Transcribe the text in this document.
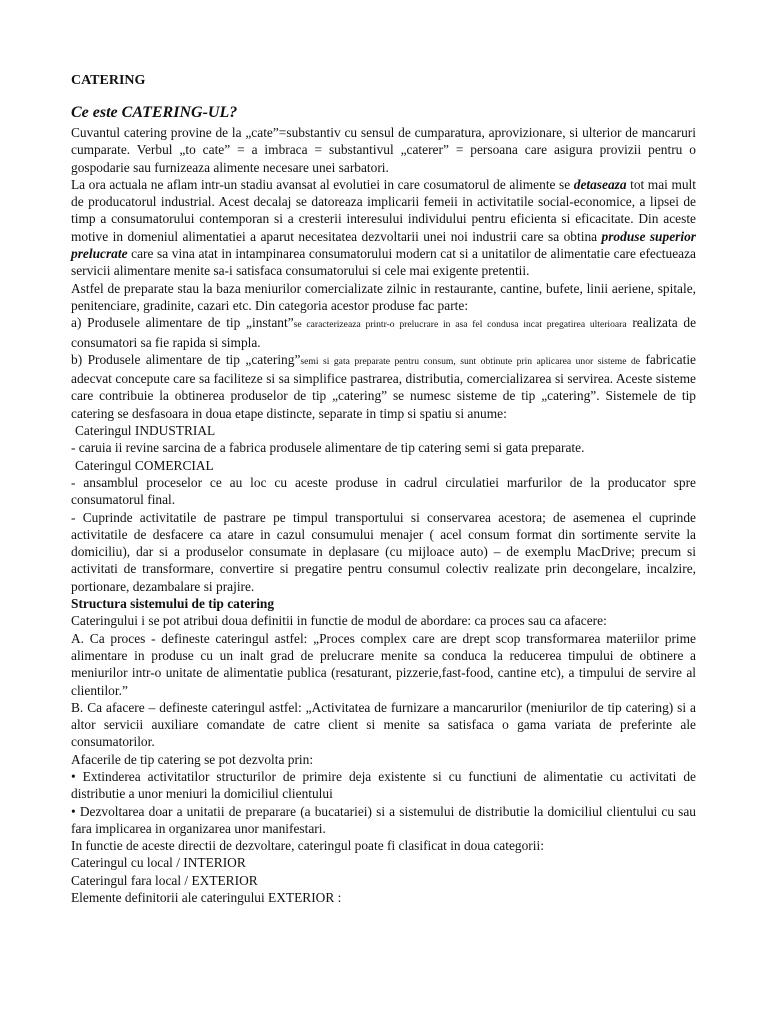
CATERING
Ce este CATERING-UL?

Cuvantul catering provine de la „cate”=substantiv cu sensul de cumparatura, aprovizionare, si ulterior de mancaruri cumparate. Verbul „to cate” = a imbraca = substantivul „caterer” = persoana care asigura provizii pentru o gospodarie sau furnizeaza alimente necesare unei sarbatori.

La ora actuala ne aflam intr-un stadiu avansat al evolutiei in care cosumatorul de alimente se detaseaza tot mai mult de producatorul industrial. Acest decalaj se datoreaza implicarii femeii in activitatile social-economice, a lipsei de timp a consumatorului contemporan si a cresterii interesului individului pentru eficienta si eficacitate. Din aceste motive in domeniul alimentatiei a aparut necesitatea dezvoltarii unei noi industrii care sa obtina produse superior prelucrate care sa vina atat in intampinarea consumatorului modern cat si a unitatilor de alimentatie care efectueaza servicii alimentare menite sa-i satisfaca consumatorului si cele mai exigente pretentii.

Astfel de preparate stau la baza meniurilor comercializate zilnic in restaurante, cantine, bufete, linii aeriene, spitale, penitenciare, gradinite, cazari etc. Din categoria acestor produse fac parte:

a) Produsele alimentare de tip „instant”se caracterizeaza printr-o prelucrare in asa fel condusa incat pregatirea ulterioara realizata de consumatori sa fie rapida si simpla.

b) Produsele alimentare de tip „catering”semi si gata preparate pentru consum, sunt obtinute prin aplicarea unor sisteme de fabricatie adecvat concepute care sa faciliteze si sa simplifice pastrarea, distributia, comercializarea si servirea. Aceste sisteme care contribuie la obtinerea produselor de tip „catering” se numesc sisteme de tip „catering”. Sistemele de tip catering se desfasoara in doua etape distincte, separate in timp si spatiu si anume:

Cateringul INDUSTRIAL

- caruia ii revine sarcina de a fabrica produsele alimentare de tip catering semi si gata preparate.

Cateringul COMERCIAL

- ansamblul proceselor ce au loc cu aceste produse in cadrul circulatiei marfurilor de la producator spre consumatorul final.

- Cuprinde activitatile de pastrare pe timpul transportului si conservarea acestora; de asemenea el cuprinde activitatile de desfacere ca atare in cazul consumului menajer ( acel consum format din sortimente servite la domiciliu), dar si a produselor consumate in deplasare (cu mijloace auto) – de exemplu MacDrive; precum si activitati de transformare, convertire si pregatire pentru consumul colectiv realizate prin decongelare, incalzire, portionare, dezambalare si prajire.

Structura sistemului de tip catering

Cateringului i se pot atribui doua definitii in functie de modul de abordare: ca proces sau ca afacere:

A. Ca proces - defineste cateringul astfel: „Proces complex care are drept scop transformarea materiilor prime alimentare in produse cu un inalt grad de prelucrare menite sa conduca la reducerea timpului de obtinere a meniurilor intr-o unitate de alimentatie publica (resaturant, pizzerie,fast-food, cantine etc), a timpului de servire al clientilor.”

B. Ca afacere – defineste cateringul astfel: „Activitatea de furnizare a mancarurilor (meniurilor de tip catering) si a altor servicii auxiliare comandate de catre client si menite sa satisfaca o gama variata de preferinte ale consumatorilor.

Afacerile de tip catering se pot dezvolta prin:

• Extinderea activitatilor structurilor de primire deja existente si cu functiuni de alimentatie cu activitati de distributie a unor meniuri la domiciliul clientului

• Dezvoltarea doar a unitatii de preparare (a bucatariei) si a sistemului de distributie la domiciliul clientului cu sau fara implicarea in organizarea unor manifestari.

In functie de aceste directii de dezvoltare, cateringul poate fi clasificat in doua categorii:

Cateringul cu local / INTERIOR

Cateringul fara local / EXTERIOR

Elemente definitorii ale cateringului EXTERIOR :
